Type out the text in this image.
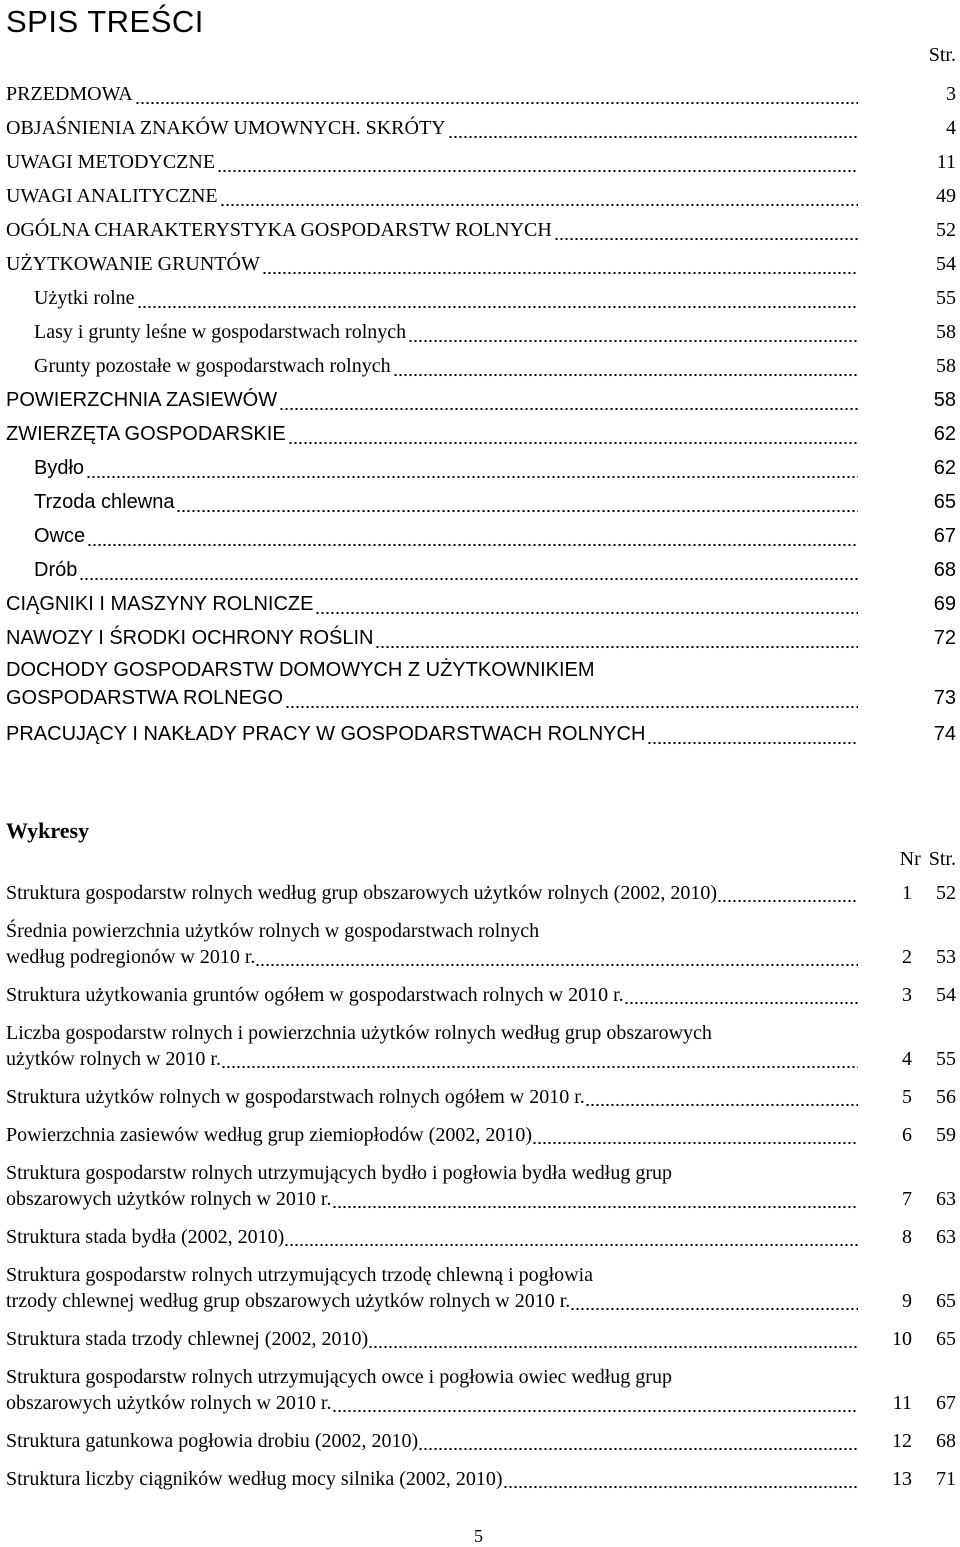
SPIS TREŚCI
Str.
PRZEDMOWA	3
OBJAŚNIENIA ZNAKÓW UMOWNYCH. SKRÓTY	4
UWAGI METODYCZNE	11
UWAGI ANALITYCZNE	49
OGÓLNA CHARAKTERYSTYKA GOSPODARSTW ROLNYCH	52
UŻYTKOWANIE GRUNTÓW	54
Użytki rolne	55
Lasy i grunty leśne w gospodarstwach rolnych	58
Grunty pozostałe w gospodarstwach rolnych	58
POWIERZCHNIA ZASIEWÓW	58
ZWIERZĘTA GOSPODARSKIE	62
Bydło	62
Trzoda chlewna	65
Owce	67
Drób	68
CIĄGNIKI I MASZYNY ROLNICZE	69
NAWOZY I ŚRODKI OCHRONY ROŚLIN	72
DOCHODY GOSPODARSTW DOMOWYCH Z UŻYTKOWNIKIEM
GOSPODARSTWA ROLNEGO	73
PRACUJĄCY I NAKŁADY PRACY W GOSPODARSTWACH ROLNYCH	74
Wykresy
Nr Str.
Struktura gospodarstw rolnych według grup obszarowych użytków rolnych (2002, 2010)	1	52
Średnia powierzchnia użytków rolnych w gospodarstwach rolnych
według podregionów w 2010 r.	2	53
Struktura użytkowania gruntów ogółem w gospodarstwach rolnych w 2010 r.	3	54
Liczba gospodarstw rolnych i powierzchnia użytków rolnych według grup obszarowych
użytków rolnych w 2010 r.	4	55
Struktura użytków rolnych w gospodarstwach rolnych ogółem w 2010 r.	5	56
Powierzchnia zasiewów według grup ziemiopłodów (2002, 2010)	6	59
Struktura gospodarstw rolnych utrzymujących bydło i pogłowia bydła według grup
obszarowych użytków rolnych w 2010 r.	7	63
Struktura stada bydła (2002, 2010)	8	63
Struktura gospodarstw rolnych utrzymujących trzodę chlewną i pogłowia
trzody chlewnej według grup obszarowych użytków rolnych w 2010 r.	9	65
Struktura stada trzody chlewnej (2002, 2010)	10	65
Struktura gospodarstw rolnych utrzymujących owce i pogłowia owiec według grup
obszarowych użytków rolnych w 2010 r.	11	67
Struktura gatunkowa pogłowia drobiu (2002, 2010)	12	68
Struktura liczby ciągników według mocy silnika (2002, 2010)	13	71
5
